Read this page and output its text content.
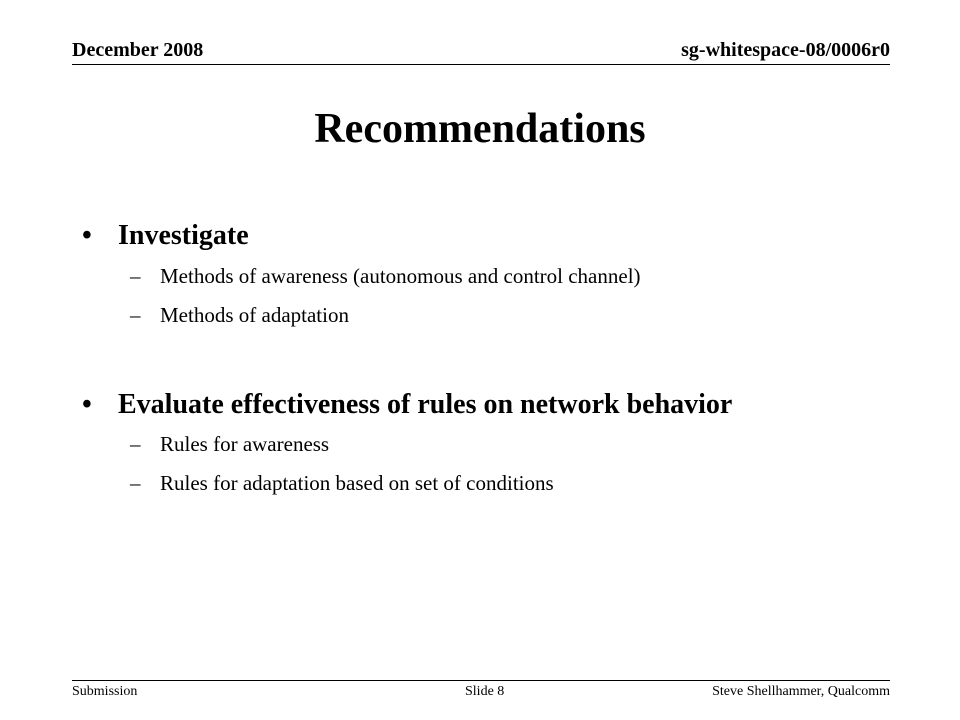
December 2008	sg-whitespace-08/0006r0
Recommendations
• Investigate
– Methods of awareness (autonomous and control channel)
– Methods of adaptation
• Evaluate effectiveness of rules on network behavior
– Rules for awareness
– Rules for adaptation based on set of conditions
Submission	Slide 8	Steve Shellhammer, Qualcomm
